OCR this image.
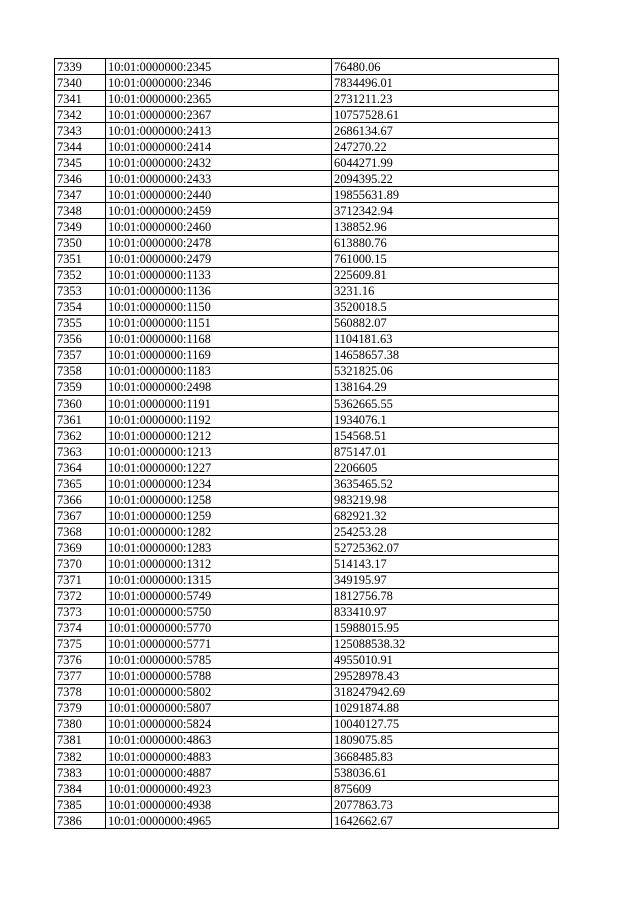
7339	10:01:0000000:2345	76480.06
7340	10:01:0000000:2346	7834496.01
7341	10:01:0000000:2365	2731211.23
7342	10:01:0000000:2367	10757528.61
7343	10:01:0000000:2413	2686134.67
7344	10:01:0000000:2414	247270.22
7345	10:01:0000000:2432	6044271.99
7346	10:01:0000000:2433	2094395.22
7347	10:01:0000000:2440	19855631.89
7348	10:01:0000000:2459	3712342.94
7349	10:01:0000000:2460	138852.96
7350	10:01:0000000:2478	613880.76
7351	10:01:0000000:2479	761000.15
7352	10:01:0000000:1133	225609.81
7353	10:01:0000000:1136	3231.16
7354	10:01:0000000:1150	3520018.5
7355	10:01:0000000:1151	560882.07
7356	10:01:0000000:1168	1104181.63
7357	10:01:0000000:1169	14658657.38
7358	10:01:0000000:1183	5321825.06
7359	10:01:0000000:2498	138164.29
7360	10:01:0000000:1191	5362665.55
7361	10:01:0000000:1192	1934076.1
7362	10:01:0000000:1212	154568.51
7363	10:01:0000000:1213	875147.01
7364	10:01:0000000:1227	2206605
7365	10:01:0000000:1234	3635465.52
7366	10:01:0000000:1258	983219.98
7367	10:01:0000000:1259	682921.32
7368	10:01:0000000:1282	254253.28
7369	10:01:0000000:1283	52725362.07
7370	10:01:0000000:1312	514143.17
7371	10:01:0000000:1315	349195.97
7372	10:01:0000000:5749	1812756.78
7373	10:01:0000000:5750	833410.97
7374	10:01:0000000:5770	15988015.95
7375	10:01:0000000:5771	125088538.32
7376	10:01:0000000:5785	4955010.91
7377	10:01:0000000:5788	29528978.43
7378	10:01:0000000:5802	318247942.69
7379	10:01:0000000:5807	10291874.88
7380	10:01:0000000:5824	10040127.75
7381	10:01:0000000:4863	1809075.85
7382	10:01:0000000:4883	3668485.83
7383	10:01:0000000:4887	538036.61
7384	10:01:0000000:4923	875609
7385	10:01:0000000:4938	2077863.73
7386	10:01:0000000:4965	1642662.67
